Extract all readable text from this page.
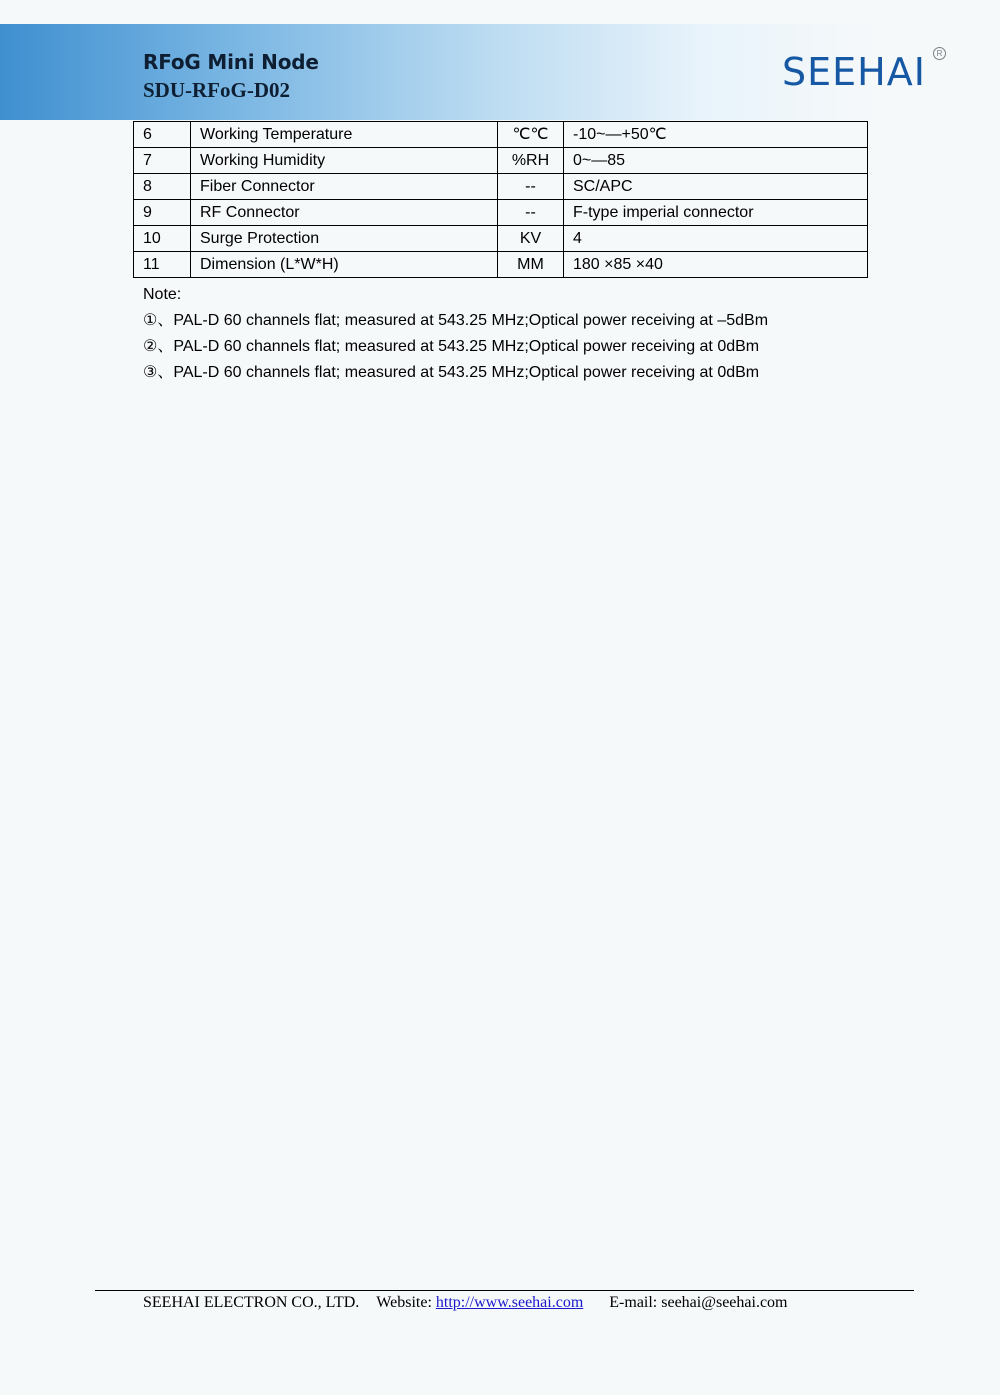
RFoG Mini Node
SDU-RFoG-D02	SEEHAI	R
6	Working Temperature	℃℃	-10~—+50℃
7	Working Humidity	%RH	0~—85
8	Fiber Connector	--	SC/APC
9	RF Connector	--	F-type imperial connector
10	Surge Protection	KV	4
11	Dimension (L*W*H)	MM	180 ×85 ×40
Note:
①、PAL-D 60 channels flat; measured at 543.25 MHz;Optical power receiving at –5dBm
②、PAL-D 60 channels flat; measured at 543.25 MHz;Optical power receiving at 0dBm
③、PAL-D 60 channels flat; measured at 543.25 MHz;Optical power receiving at 0dBm
SEEHAI ELECTRON CO., LTD. Website: http://www.seehai.com E-mail: seehai@seehai.com
